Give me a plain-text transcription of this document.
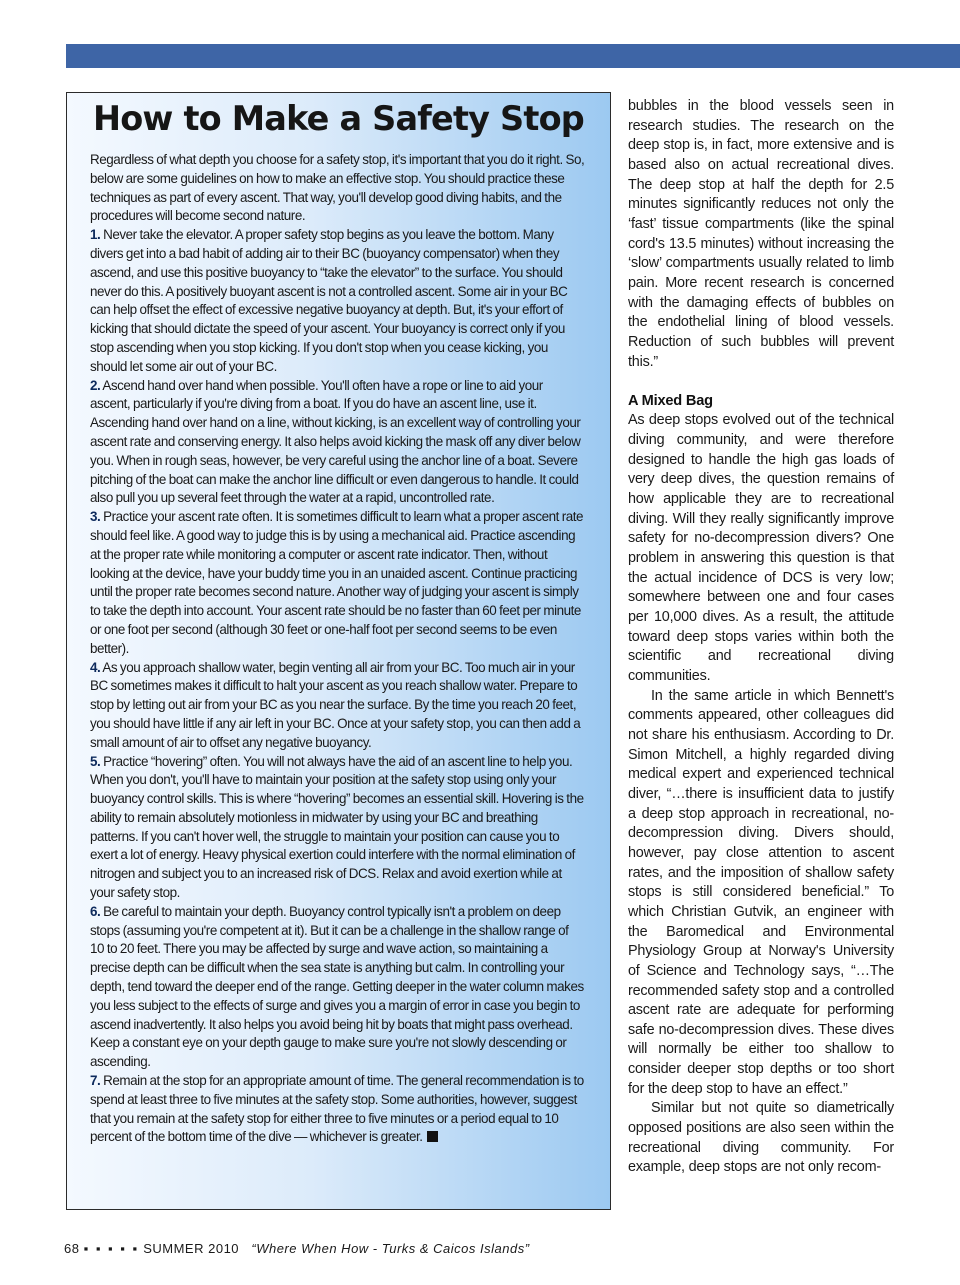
How to Make a Safety Stop

Regardless of what depth you choose for a safety stop, it's important that you do it right. So, below are some guidelines on how to make an effective stop. You should practice these techniques as part of every ascent. That way, you'll develop good diving habits, and the procedures will become second nature.

1. Never take the elevator. A proper safety stop begins as you leave the bottom. Many divers get into a bad habit of adding air to their BC (buoyancy compensator) when they ascend, and use this positive buoyancy to “take the elevator” to the surface. You should never do this. A positively buoyant ascent is not a controlled ascent. Some air in your BC can help offset the effect of excessive negative buoyancy at depth. But, it's your effort of kicking that should dictate the speed of your ascent. Your buoyancy is correct only if you stop ascending when you stop kicking. If you don't stop when you cease kicking, you should let some air out of your BC.

2. Ascend hand over hand when possible. You'll often have a rope or line to aid your ascent, particularly if you're diving from a boat. If you do have an ascent line, use it. Ascending hand over hand on a line, without kicking, is an excellent way of controlling your ascent rate and conserving energy. It also helps avoid kicking the mask off any diver below you. When in rough seas, however, be very careful using the anchor line of a boat. Severe pitching of the boat can make the anchor line difficult or even dangerous to handle. It could also pull you up several feet through the water at a rapid, uncontrolled rate.

3. Practice your ascent rate often. It is sometimes difficult to learn what a proper ascent rate should feel like. A good way to judge this is by using a mechanical aid. Practice ascending at the proper rate while monitoring a computer or ascent rate indicator. Then, without looking at the device, have your buddy time you in an unaided ascent. Continue practicing until the proper rate becomes second nature. Another way of judging your ascent is simply to take the depth into account. Your ascent rate should be no faster than 60 feet per minute or one foot per second (although 30 feet or one-half foot per second seems to be even better).

4. As you approach shallow water, begin venting all air from your BC. Too much air in your BC sometimes makes it difficult to halt your ascent as you reach shallow water. Prepare to stop by letting out air from your BC as you near the surface. By the time you reach 20 feet, you should have little if any air left in your BC. Once at your safety stop, you can then add a small amount of air to offset any negative buoyancy.

5. Practice “hovering” often. You will not always have the aid of an ascent line to help you. When you don't, you'll have to maintain your position at the safety stop using only your buoyancy control skills. This is where “hovering” becomes an essential skill. Hovering is the ability to remain absolutely motionless in midwater by using your BC and breathing patterns. If you can't hover well, the struggle to maintain your position can cause you to exert a lot of energy. Heavy physical exertion could interfere with the normal elimination of nitrogen and subject you to an increased risk of DCS. Relax and avoid exertion while at your safety stop.

6. Be careful to maintain your depth. Buoyancy control typically isn't a problem on deep stops (assuming you're competent at it). But it can be a challenge in the shallow range of 10 to 20 feet. There you may be affected by surge and wave action, so maintaining a precise depth can be difficult when the sea state is anything but calm. In controlling your depth, tend toward the deeper end of the range. Getting deeper in the water column makes you less subject to the effects of surge and gives you a margin of error in case you begin to ascend inadvertently. It also helps you avoid being hit by boats that might pass overhead. Keep a constant eye on your depth gauge to make sure you're not slowly descending or ascending.

7. Remain at the stop for an appropriate amount of time. The general recommendation is to spend at least three to five minutes at the safety stop. Some authorities, however, suggest that you remain at the safety stop for either three to five minutes or a period equal to 10 percent of the bottom time of the dive — whichever is greater.

bubbles in the blood vessels seen in research studies. The research on the deep stop is, in fact, more extensive and is based also on actual recreational dives. The deep stop at half the depth for 2.5 minutes significantly reduces not only the ‘fast’ tissue compartments (like the spinal cord's 13.5 minutes) without increasing the ‘slow’ compartments usually related to limb pain. More recent research is concerned with the damaging effects of bubbles on the endothelial lining of blood vessels. Reduction of such bubbles will prevent this.”

A Mixed Bag

As deep stops evolved out of the technical diving community, and were therefore designed to handle the high gas loads of very deep dives, the question remains of how applicable they are to recreational diving. Will they really significantly improve safety for no-decompression divers? One problem in answering this question is that the actual incidence of DCS is very low; somewhere between one and four cases per 10,000 dives. As a result, the attitude toward deep stops varies within both the scientific and recreational diving communities.

In the same article in which Bennett's comments appeared, other colleagues did not share his enthusiasm. According to Dr. Simon Mitchell, a highly regarded diving medical expert and experienced technical diver, “…there is insufficient data to justify a deep stop approach in recreational, no-decompression diving. Divers should, however, pay close attention to ascent rates, and the imposition of shallow safety stops is still considered beneficial.” To which Christian Gutvik, an engineer with the Baromedical and Environmental Physiology Group at Norway's University of Science and Technology says, “…The recommended safety stop and a controlled ascent rate are adequate for performing safe no-decompression dives. These dives will normally be either too shallow to consider deeper stop depths or too short for the deep stop to have an effect.”

Similar but not quite so diametrically opposed positions are also seen within the recreational diving community. For example, deep stops are not only recom-

68 ▪ ▪ ▪ ▪ ▪ SUMMER 2010 “Where When How - Turks & Caicos Islands”
